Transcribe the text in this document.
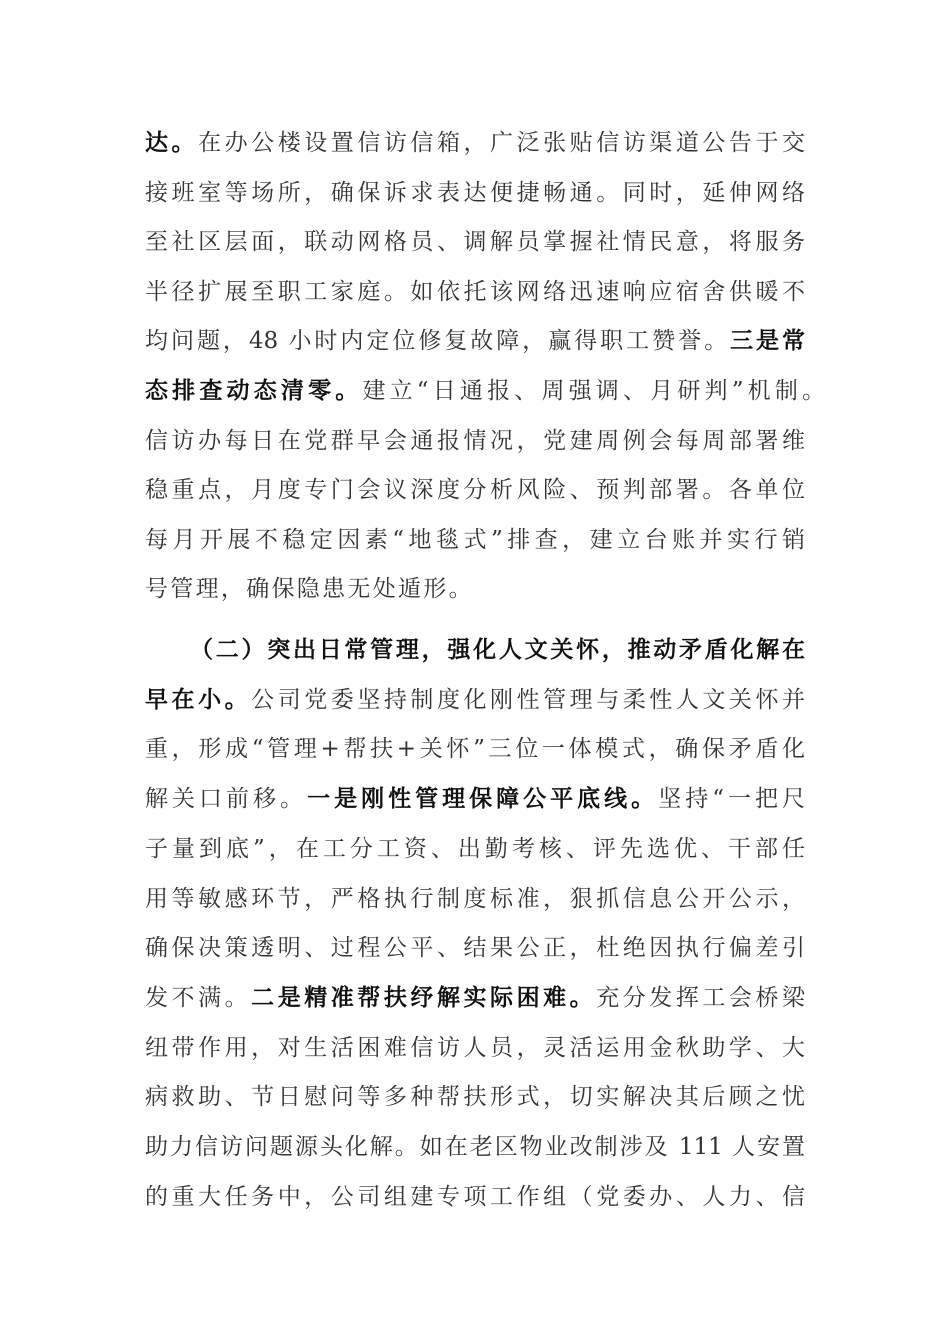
达。在办公楼设置信访信箱，广泛张贴信访渠道公告于交
接班室等场所，确保诉求表达便捷畅通。同时，延伸网络
至社区层面，联动网格员、调解员掌握社情民意，将服务
半径扩展至职工家庭。如依托该网络迅速响应宿舍供暖不
均问题，48 小时内定位修复故障，赢得职工赞誉。三是常
态排查动态清零。建立“日通报、周强调、月研判”机制。
信访办每日在党群早会通报情况，党建周例会每周部署维
稳重点，月度专门会议深度分析风险、预判部署。各单位
每月开展不稳定因素“地毯式”排查，建立台账并实行销
号管理，确保隐患无处遁形。
（二）突出日常管理，强化人文关怀，推动矛盾化解在
早在小。公司党委坚持制度化刚性管理与柔性人文关怀并
重，形成“管理+帮扶+关怀”三位一体模式，确保矛盾化
解关口前移。一是刚性管理保障公平底线。坚持“一把尺
子量到底”，在工分工资、出勤考核、评先选优、干部任
用等敏感环节，严格执行制度标准，狠抓信息公开公示，
确保决策透明、过程公平、结果公正，杜绝因执行偏差引
发不满。二是精准帮扶纾解实际困难。充分发挥工会桥梁
纽带作用，对生活困难信访人员，灵活运用金秋助学、大
病救助、节日慰问等多种帮扶形式，切实解决其后顾之忧
助力信访问题源头化解。如在老区物业改制涉及 111 人安置
的重大任务中，公司组建专项工作组（党委办、人力、信
